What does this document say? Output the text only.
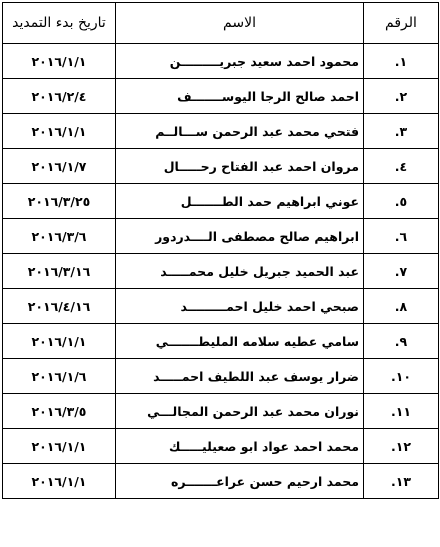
الرقم	الاسم	تاريخ بدء التمديد
١.	محمود احمد سعيد جبريـــــــــن	٢٠١٦/١/١
٢.	احمد صالح الرجا اليوســـــــف	٢٠١٦/٢/٤
٣.	فتحي محمد عبد الرحمن ســـالــم	٢٠١٦/١/١
٤.	مروان احمد عبد الفتاح رحـــــال	٢٠١٦/١/٧
٥.	عوني ابراهيم حمد الطـــــــل	٢٠١٦/٣/٢٥
٦.	ابراهيم صالح مصطفى الــــدردور	٢٠١٦/٣/٦
٧.	عبد الحميد جبريل خليل محمـــــد	٢٠١٦/٣/١٦
٨.	صبحي احمد خليل احمـــــــــد	٢٠١٦/٤/١٦
٩.	سامي عطيه سلامه المليطـــــــي	٢٠١٦/١/١
١٠.	ضرار يوسف عبد اللطيف احمـــــد	٢٠١٦/١/٦
١١.	نوران محمد عبد الرحمن المجالـــي	٢٠١٦/٣/٥
١٢.	محمد احمد عواد ابو صعيليـــــك	٢٠١٦/١/١
١٣.	محمد ارحيم حسن عراعـــــــره	٢٠١٦/١/١
